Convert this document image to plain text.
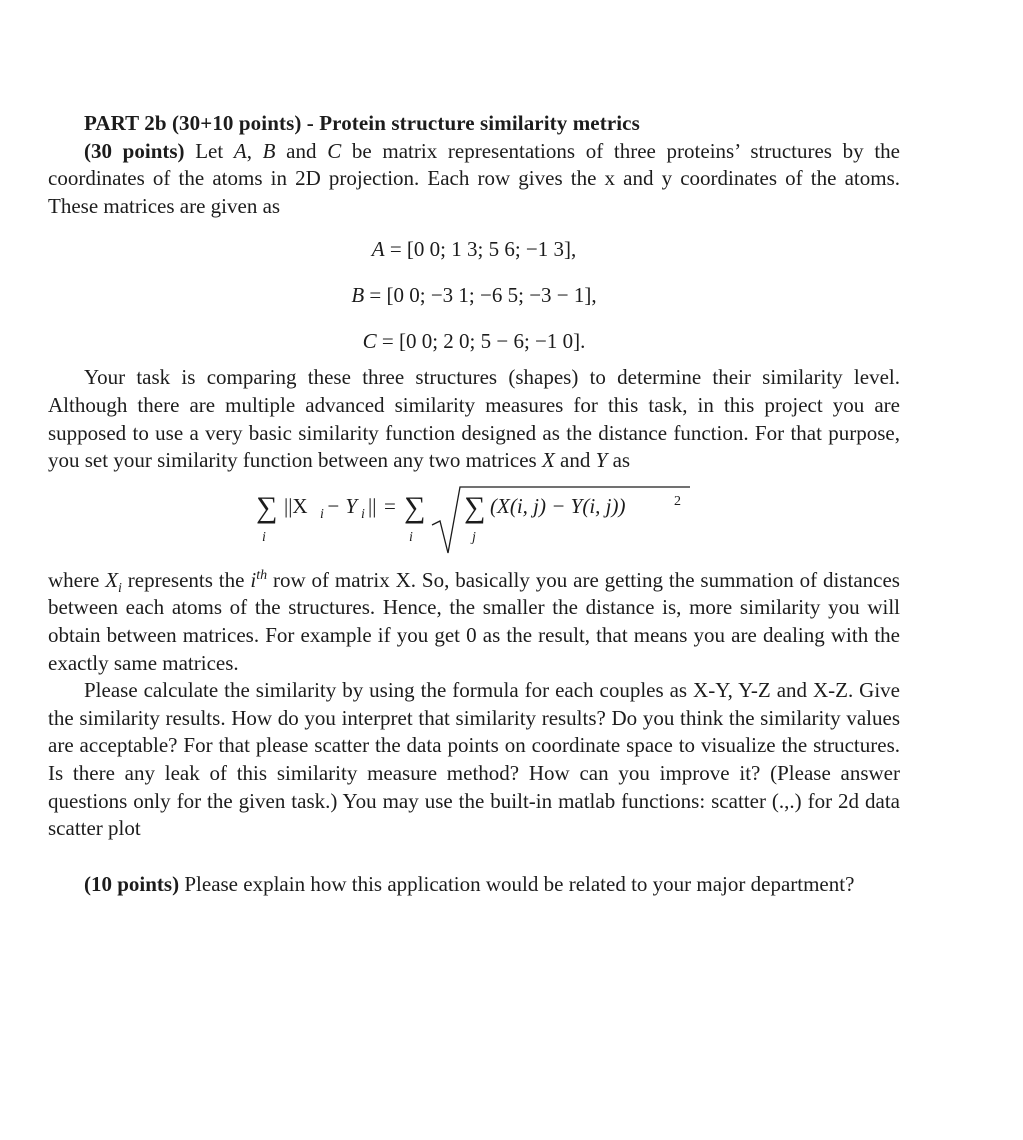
PART 2b (30+10 points) - Protein structure similarity metrics

(30 points) Let A, B and C be matrix representations of three proteins’ structures by the coordinates of the atoms in 2D projection. Each row gives the x and y coordinates of the atoms. These matrices are given as

A = [0 0; 1 3; 5 6; −1 3],
B = [0 0; −3 1; −6 5; −3 − 1],
C = [0 0; 2 0; 5 − 6; −1 0].

Your task is comparing these three structures (shapes) to determine their similarity level. Although there are multiple advanced similarity measures for this task, in this project you are supposed to use a very basic similarity function designed as the distance function. For that purpose, you set your similarity function between any two matrices X and Y as

∑
i
||X i − Y i || = ∑
i
∑
j
(X(i, j) − Y(i, j))	2

where $X_i$ represents the $i^{th}$ row of matrix X. So, basically you are getting the summation of distances between each atoms of the structures. Hence, the smaller the distance is, more similarity you will obtain between matrices. For example if you get 0 as the result, that means you are dealing with the exactly same matrices.

Please calculate the similarity by using the formula for each couples as X-Y, Y-Z and X-Z. Give the similarity results. How do you interpret that similarity results? Do you think the similarity values are acceptable? For that please scatter the data points on coordinate space to visualize the structures. Is there any leak of this similarity measure method? How can you improve it? (Please answer questions only for the given task.) You may use the built-in matlab functions: scatter (.,.) for 2d data scatter plot

(10 points) Please explain how this application would be related to your major department?
